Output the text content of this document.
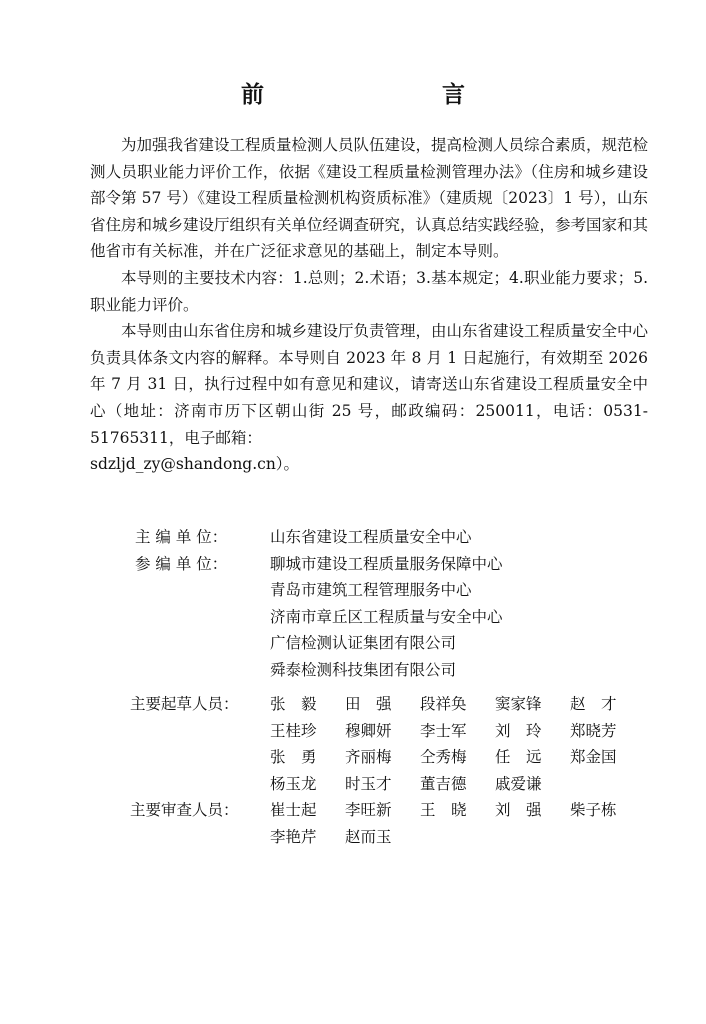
前　　言

为加强我省建设工程质量检测人员队伍建设，提高检测人员综合素质，规范检测人员职业能力评价工作，依据《建设工程质量检测管理办法》（住房和城乡建设部令第 57 号）《建设工程质量检测机构资质标准》（建质规〔2023〕1 号），山东省住房和城乡建设厅组织有关单位经调查研究，认真总结实践经验，参考国家和其他省市有关标准，并在广泛征求意见的基础上，制定本导则。

本导则的主要技术内容：1.总则；2.术语；3.基本规定；4.职业能力要求；5.职业能力评价。

本导则由山东省住房和城乡建设厅负责管理，由山东省建设工程质量安全中心负责具体条文内容的解释。本导则自 2023 年 8 月 1 日起施行，有效期至 2026 年 7 月 31 日，执行过程中如有意见和建议，请寄送山东省建设工程质量安全中心（地址：济南市历下区朝山街 25 号，邮政编码：250011，电话：0531-51765311，电子邮箱：

sdzljd_zy@shandong.cn）。

主 编 单 位：	山东省建设工程质量安全中心
参 编 单 位：	聊城市建设工程质量服务保障中心
青岛市建筑工程管理服务中心
济南市章丘区工程质量与安全中心
广信检测认证集团有限公司
舜泰检测科技集团有限公司
主要起草人员：	张　毅	田　强	段祥奂	窦家锋	赵　才
王桂珍	穆卿妍	李士军	刘　玲	郑晓芳
张　勇	齐丽梅	仝秀梅	任　远	郑金国
杨玉龙	时玉才	董吉德	戚爱谦
主要审查人员：	崔士起	李旺新	王　晓	刘　强	柴子栋
李艳芹	赵而玉
